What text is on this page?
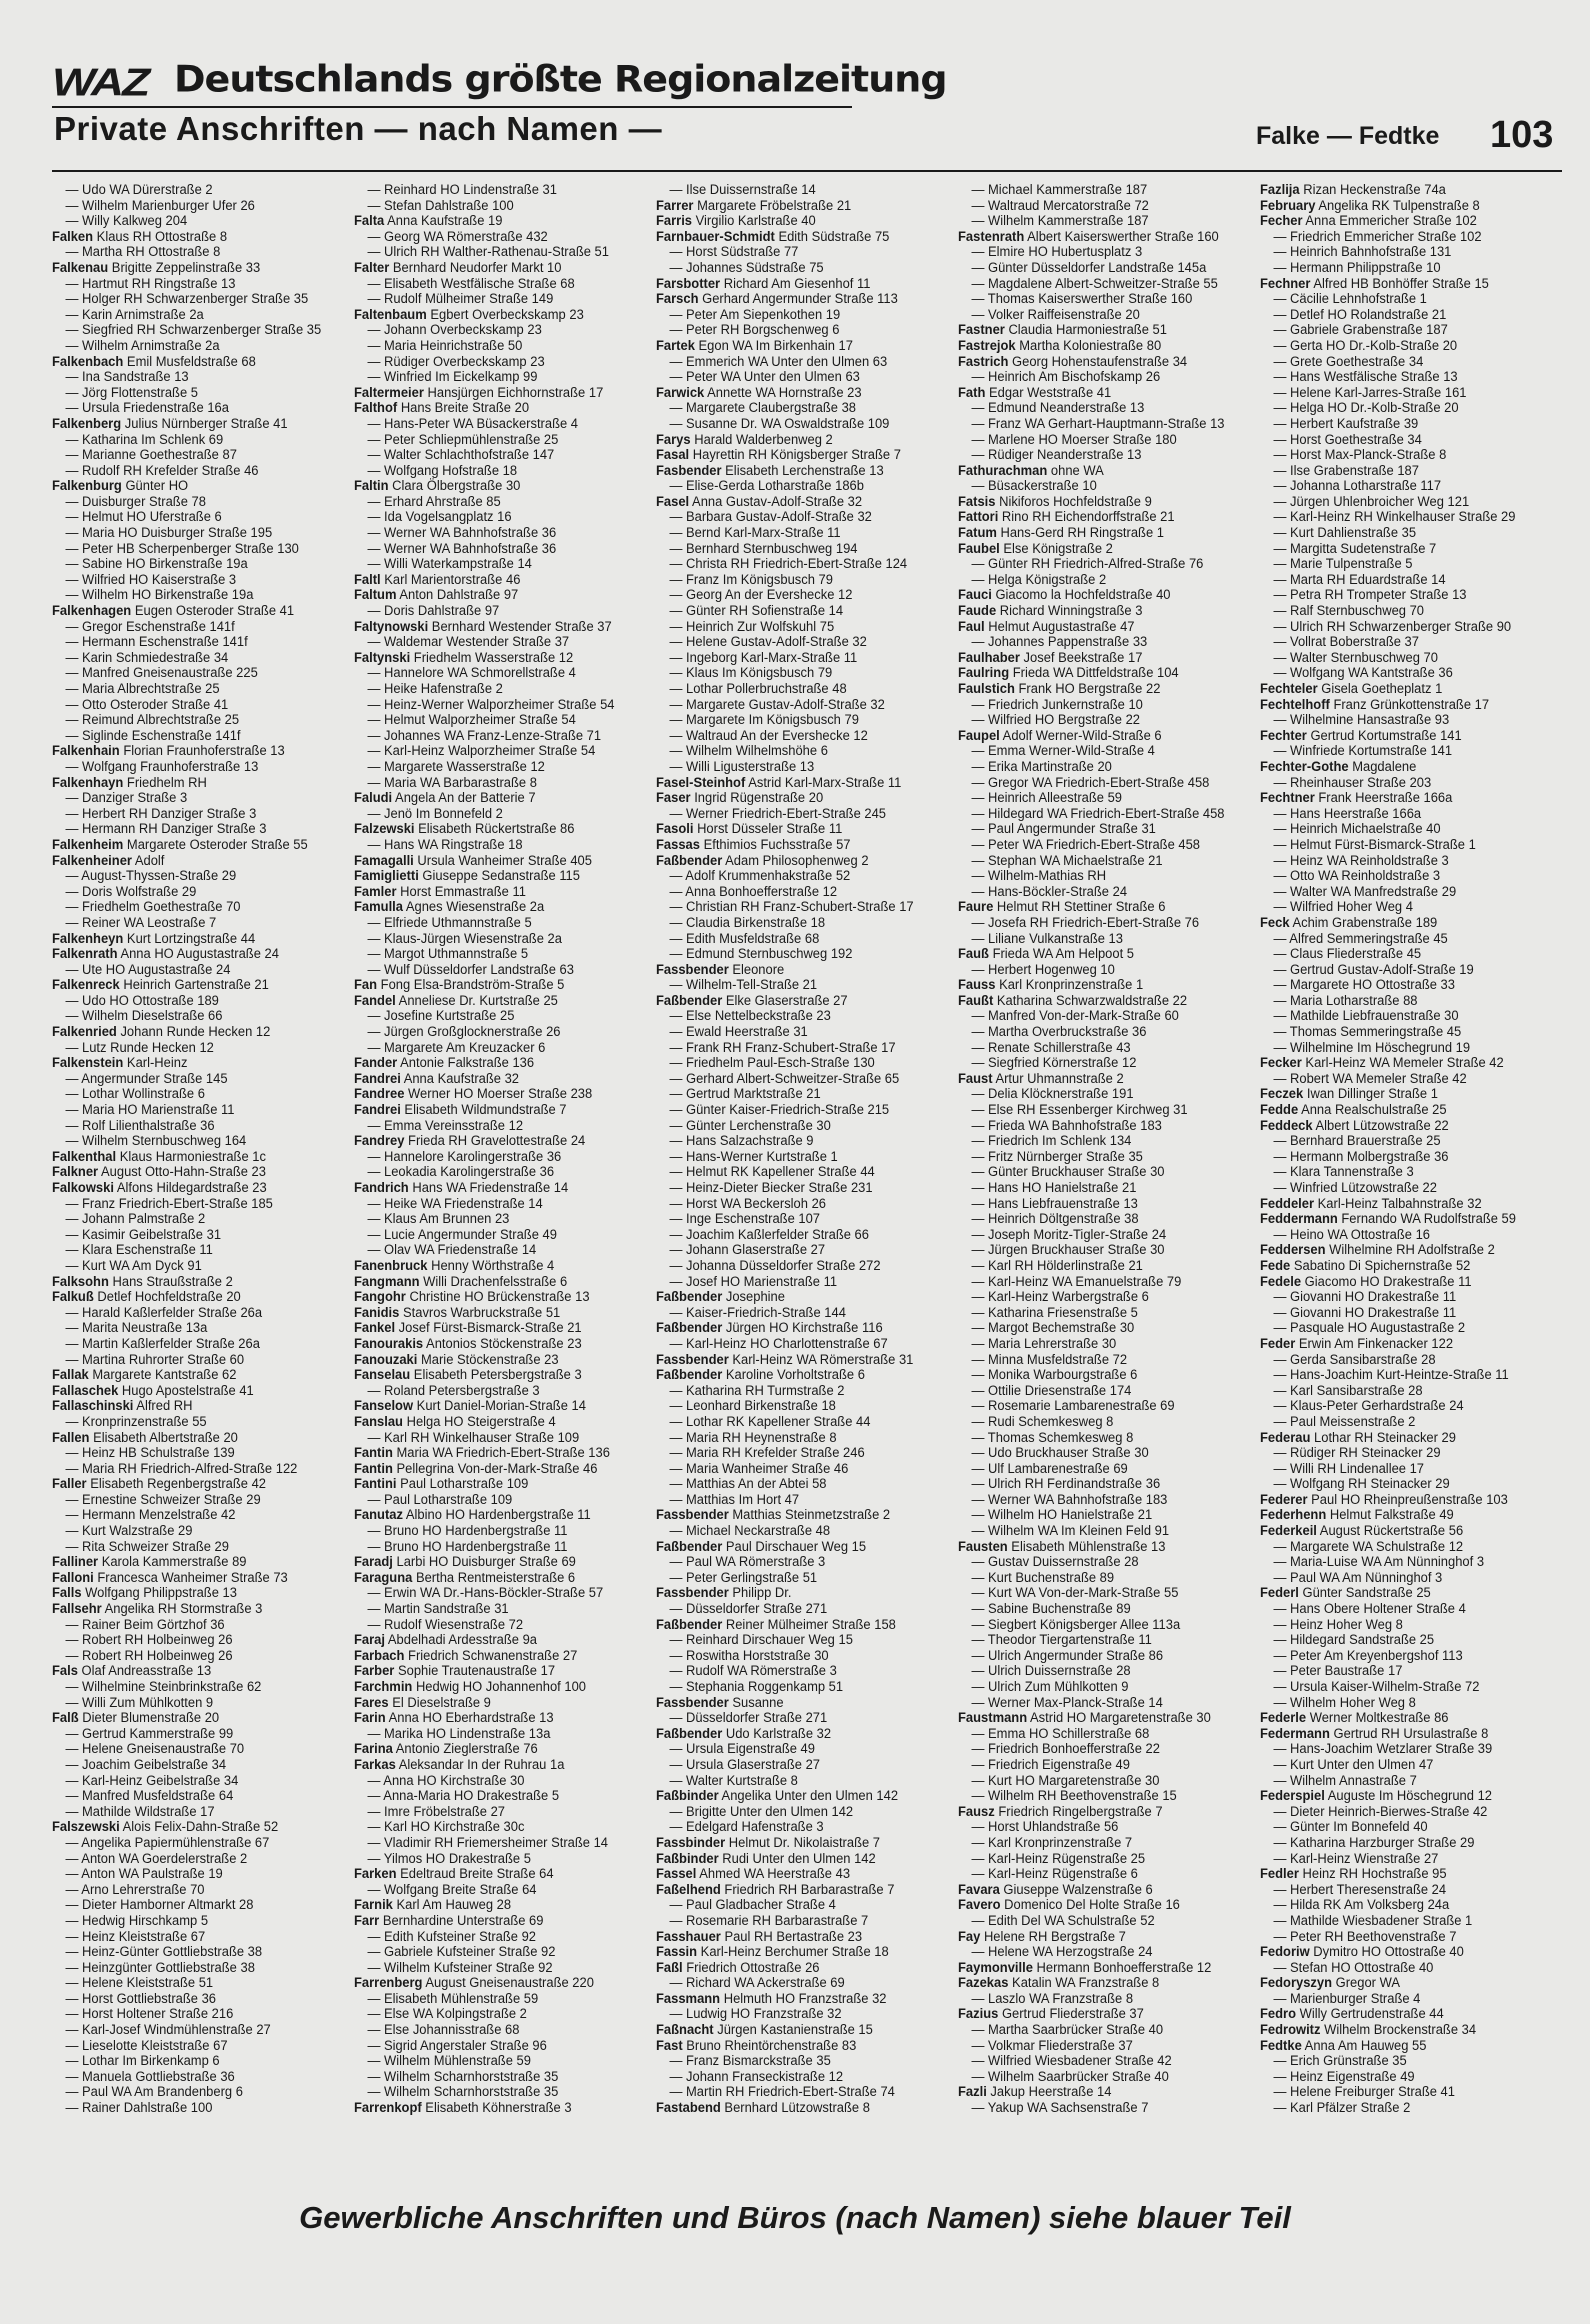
WAZ Deutschlands größte Regionalzeitung
Private Anschriften — nach Namen —	Falke — Fedtke 103
— Udo WA Dürerstraße 2
— Wilhelm Marienburger Ufer 26
— Willy Kalkweg 204
Falken Klaus RH Ottostraße 8
— Martha RH Ottostraße 8
Falkenau Brigitte Zeppelinstraße 33
— Hartmut RH Ringstraße 13
— Holger RH Schwarzenberger Straße 35
— Karin Arnimstraße 2a
— Siegfried RH Schwarzenberger Straße 35
— Wilhelm Arnimstraße 2a
Falkenbach Emil Musfeldstraße 68
— Ina Sandstraße 13
— Jörg Flottenstraße 5
— Ursula Friedenstraße 16a
Falkenberg Julius Nürnberger Straße 41
— Katharina Im Schlenk 69
— Marianne Goethestraße 87
— Rudolf RH Krefelder Straße 46
Falkenburg Günter HO
— Duisburger Straße 78
— Helmut HO Uferstraße 6
— Maria HO Duisburger Straße 195
— Peter HB Scherpenberger Straße 130
— Sabine HO Birkenstraße 19a
— Wilfried HO Kaiserstraße 3
— Wilhelm HO Birkenstraße 19a
Falkenhagen Eugen Osteroder Straße 41
— Gregor Eschenstraße 141f
— Hermann Eschenstraße 141f
— Karin Schmiedestraße 34
— Manfred Gneisenaustraße 225
— Maria Albrechtstraße 25
— Otto Osteroder Straße 41
— Reimund Albrechtstraße 25
— Siglinde Eschenstraße 141f
Falkenhain Florian Fraunhoferstraße 13
— Wolfgang Fraunhoferstraße 13
Falkenhayn Friedhelm RH
— Danziger Straße 3
— Herbert RH Danziger Straße 3
— Hermann RH Danziger Straße 3
Falkenheim Margarete Osteroder Straße 55
Falkenheiner Adolf
— August-Thyssen-Straße 29
— Doris Wolfstraße 29
— Friedhelm Goethestraße 70
— Reiner WA Leostraße 7
Falkenheyn Kurt Lortzingstraße 44
Falkenrath Anna HO Augustastraße 24
— Ute HO Augustastraße 24
Falkenreck Heinrich Gartenstraße 21
— Udo HO Ottostraße 189
— Wilhelm Dieselstraße 66
Falkenried Johann Runde Hecken 12
— Lutz Runde Hecken 12
Falkenstein Karl-Heinz
— Angermunder Straße 145
— Lothar Wollinstraße 6
— Maria HO Marienstraße 11
— Rolf Lilienthalstraße 36
— Wilhelm Sternbuschweg 164
Falkenthal Klaus Harmoniestraße 1c
Falkner August Otto-Hahn-Straße 23
Falkowski Alfons Hildegardstraße 23
— Franz Friedrich-Ebert-Straße 185
— Johann Palmstraße 2
— Kasimir Geibelstraße 31
— Klara Eschenstraße 11
— Kurt WA Am Dyck 91
Falksohn Hans Straußstraße 2
Falkuß Detlef Hochfeldstraße 20
— Harald Kaßlerfelder Straße 26a
— Marita Neustraße 13a
— Martin Kaßlerfelder Straße 26a
— Martina Ruhrorter Straße 60
Fallak Margarete Kantstraße 62
Fallaschek Hugo Apostelstraße 41
Fallaschinski Alfred RH
— Kronprinzenstraße 55
Fallen Elisabeth Albertstraße 20
— Heinz HB Schulstraße 139
— Maria RH Friedrich-Alfred-Straße 122
Faller Elisabeth Regenbergstraße 42
— Ernestine Schweizer Straße 29
— Hermann Menzelstraße 42
— Kurt Walzstraße 29
— Rita Schweizer Straße 29
Falliner Karola Kammerstraße 89
Falloni Francesca Wanheimer Straße 73
Falls Wolfgang Philippstraße 13
Fallsehr Angelika RH Stormstraße 3
— Rainer Beim Görtzhof 36
— Robert RH Holbeinweg 26
— Robert RH Holbeinweg 26
Fals Olaf Andreasstraße 13
— Wilhelmine Steinbrinkstraße 62
— Willi Zum Mühlkotten 9
Falß Dieter Blumenstraße 20
— Gertrud Kammerstraße 99
— Helene Gneisenaustraße 70
— Joachim Geibelstraße 34
— Karl-Heinz Geibelstraße 34
— Manfred Musfeldstraße 64
— Mathilde Wildstraße 17
Falszewski Alois Felix-Dahn-Straße 52
— Angelika Papiermühlenstraße 67
— Anton WA Goerdelerstraße 2
— Anton WA Paulstraße 19
— Arno Lehrerstraße 70
— Dieter Hamborner Altmarkt 28
— Hedwig Hirschkamp 5
— Heinz Kleiststraße 67
— Heinz-Günter Gottliebstraße 38
— Heinzgünter Gottliebstraße 38
— Helene Kleiststraße 51
— Horst Gottliebstraße 36
— Horst Holtener Straße 216
— Karl-Josef Windmühlenstraße 27
— Lieselotte Kleiststraße 67
— Lothar Im Birkenkamp 6
— Manuela Gottliebstraße 36
— Paul WA Am Brandenberg 6
— Rainer Dahlstraße 100
— Reinhard HO Lindenstraße 31
— Stefan Dahlstraße 100
Falta Anna Kaufstraße 19
— Georg WA Römerstraße 432
— Ulrich RH Walther-Rathenau-Straße 51
Falter Bernhard Neudorfer Markt 10
— Elisabeth Westfälische Straße 68
— Rudolf Mülheimer Straße 149
Faltenbaum Egbert Overbeckskamp 23
— Johann Overbeckskamp 23
— Maria Heinrichstraße 50
— Rüdiger Overbeckskamp 23
— Winfried Im Eickelkamp 99
Faltermeier Hansjürgen Eichhornstraße 17
Falthof Hans Breite Straße 20
— Hans-Peter WA Büsackerstraße 4
— Peter Schliepmühlenstraße 25
— Walter Schlachthofstraße 147
— Wolfgang Hofstraße 18
Faltin Clara Ölbergstraße 30
— Erhard Ahrstraße 85
— Ida Vogelsangplatz 16
— Werner WA Bahnhofstraße 36
— Werner WA Bahnhofstraße 36
— Willi Waterkampstraße 14
Faltl Karl Marientorstraße 46
Faltum Anton Dahlstraße 97
— Doris Dahlstraße 97
Faltynowski Bernhard Westender Straße 37
— Waldemar Westender Straße 37
Faltynski Friedhelm Wasserstraße 12
— Hannelore WA Schmorellstraße 4
— Heike Hafenstraße 2
— Heinz-Werner Walporzheimer Straße 54
— Helmut Walporzheimer Straße 54
— Johannes WA Franz-Lenze-Straße 71
— Karl-Heinz Walporzheimer Straße 54
— Margarete Wasserstraße 12
— Maria WA Barbarastraße 8
Faludi Angela An der Batterie 7
— Jenö Im Bonnefeld 2
Falzewski Elisabeth Rückertstraße 86
— Hans WA Ringstraße 18
Famagalli Ursula Wanheimer Straße 405
Famiglietti Giuseppe Sedanstraße 115
Famler Horst Emmastraße 11
Famulla Agnes Wiesenstraße 2a
— Elfriede Uthmannstraße 5
— Klaus-Jürgen Wiesenstraße 2a
— Margot Uthmannstraße 5
— Wulf Düsseldorfer Landstraße 63
Fan Fong Elsa-Brandström-Straße 5
Fandel Anneliese Dr. Kurtstraße 25
— Josefine Kurtstraße 25
— Jürgen Großglocknerstraße 26
— Margarete Am Kreuzacker 6
Fander Antonie Falkstraße 136
Fandrei Anna Kaufstraße 32
Fandree Werner HO Moerser Straße 238
Fandrei Elisabeth Wildmundstraße 7
— Emma Vereinsstraße 12
Fandrey Frieda RH Gravelottestraße 24
— Hannelore Karolingerstraße 36
— Leokadia Karolingerstraße 36
Fandrich Hans WA Friedenstraße 14
— Heike WA Friedenstraße 14
— Klaus Am Brunnen 23
— Lucie Angermunder Straße 49
— Olav WA Friedenstraße 14
Fanenbruck Henny Wörthstraße 4
Fangmann Willi Drachenfelsstraße 6
Fangohr Christine HO Brückenstraße 13
Fanidis Stavros Warbruckstraße 51
Fankel Josef Fürst-Bismarck-Straße 21
Fanourakis Antonios Stöckenstraße 23
Fanouzaki Marie Stöckenstraße 23
Fanselau Elisabeth Petersbergstraße 3
— Roland Petersbergstraße 3
Fanselow Kurt Daniel-Morian-Straße 14
Fanslau Helga HO Steigerstraße 4
— Karl RH Winkelhauser Straße 109
Fantin Maria WA Friedrich-Ebert-Straße 136
Fantin Pellegrina Von-der-Mark-Straße 46
Fantini Paul Lotharstraße 109
— Paul Lotharstraße 109
Fanutaz Albino HO Hardenbergstraße 11
— Bruno HO Hardenbergstraße 11
— Bruno HO Hardenbergstraße 11
Faradj Larbi HO Duisburger Straße 69
Faraguna Bertha Rentmeisterstraße 6
— Erwin WA Dr.-Hans-Böckler-Straße 57
— Martin Sandstraße 31
— Rudolf Wiesenstraße 72
Faraj Abdelhadi Ardesstraße 9a
Farbach Friedrich Schwanenstraße 27
Farber Sophie Trautenaustraße 17
Farchmin Hedwig HO Johannenhof 100
Fares El Dieselstraße 9
Farin Anna HO Eberhardstraße 13
— Marika HO Lindenstraße 13a
Farina Antonio Zieglerstraße 76
Farkas Aleksandar In der Ruhrau 1a
— Anna HO Kirchstraße 30
— Anna-Maria HO Drakestraße 5
— Imre Fröbelstraße 27
— Karl HO Kirchstraße 30c
— Vladimir RH Friemersheimer Straße 14
— Yilmos HO Drakestraße 5
Farken Edeltraud Breite Straße 64
— Wolfgang Breite Straße 64
Farnik Karl Am Hauweg 28
Farr Bernhardine Unterstraße 69
— Edith Kufsteiner Straße 92
— Gabriele Kufsteiner Straße 92
— Wilhelm Kufsteiner Straße 92
Farrenberg August Gneisenaustraße 220
— Elisabeth Mühlenstraße 59
— Else WA Kolpingstraße 2
— Else Johannisstraße 68
— Sigrid Angerstaler Straße 96
— Wilhelm Mühlenstraße 59
— Wilhelm Scharnhorststraße 35
— Wilhelm Scharnhorststraße 35
Farrenkopf Elisabeth Köhnerstraße 3
— Ilse Duissernstraße 14
Farrer Margarete Fröbelstraße 21
Farris Virgilio Karlstraße 40
Farnbauer-Schmidt Edith Südstraße 75
— Horst Südstraße 77
— Johannes Südstraße 75
Farsbotter Richard Am Giesenhof 11
Farsch Gerhard Angermunder Straße 113
— Peter Am Siepenkothen 19
— Peter RH Borgschenweg 6
Fartek Egon WA Im Birkenhain 17
— Emmerich WA Unter den Ulmen 63
— Peter WA Unter den Ulmen 63
Farwick Annette WA Hornstraße 23
— Margarete Claubergstraße 38
— Susanne Dr. WA Oswaldstraße 109
Farys Harald Walderbenweg 2
Fasal Hayrettin RH Königsberger Straße 7
Fasbender Elisabeth Lerchenstraße 13
— Elise-Gerda Lotharstraße 186b
Fasel Anna Gustav-Adolf-Straße 32
— Barbara Gustav-Adolf-Straße 32
— Bernd Karl-Marx-Straße 11
— Bernhard Sternbuschweg 194
— Christa RH Friedrich-Ebert-Straße 124
— Franz Im Königsbusch 79
— Georg An der Evershecke 12
— Günter RH Sofienstraße 14
— Heinrich Zur Wolfskuhl 75
— Helene Gustav-Adolf-Straße 32
— Ingeborg Karl-Marx-Straße 11
— Klaus Im Königsbusch 79
— Lothar Pollerbruchstraße 48
— Margarete Gustav-Adolf-Straße 32
— Margarete Im Königsbusch 79
— Waltraud An der Evershecke 12
— Wilhelm Wilhelmshöhe 6
— Willi Ligusterstraße 13
Fasel-Steinhof Astrid Karl-Marx-Straße 11
Faser Ingrid Rügenstraße 20
— Werner Friedrich-Ebert-Straße 245
Fasoli Horst Düsseler Straße 11
Fassas Efthimios Fuchsstraße 57
Faßbender Adam Philosophenweg 2
— Adolf Krummenhakstraße 52
— Anna Bonhoefferstraße 12
— Christian RH Franz-Schubert-Straße 17
— Claudia Birkenstraße 18
— Edith Musfeldstraße 68
— Edmund Sternbuschweg 192
Fassbender Eleonore
— Wilhelm-Tell-Straße 21
Faßbender Elke Glaserstraße 27
— Else Nettelbeckstraße 23
— Ewald Heerstraße 31
— Frank RH Franz-Schubert-Straße 17
— Friedhelm Paul-Esch-Straße 130
— Gerhard Albert-Schweitzer-Straße 65
— Gertrud Marktstraße 21
— Günter Kaiser-Friedrich-Straße 215
— Günter Lerchenstraße 30
— Hans Salzachstraße 9
— Hans-Werner Kurtstraße 1
— Helmut RK Kapellener Straße 44
— Heinz-Dieter Biecker Straße 231
— Horst WA Beckersloh 26
— Inge Eschenstraße 107
— Joachim Kaßlerfelder Straße 66
— Johann Glaserstraße 27
— Johanna Düsseldorfer Straße 272
— Josef HO Marienstraße 11
Faßbender Josephine
— Kaiser-Friedrich-Straße 144
Faßbender Jürgen HO Kirchstraße 116
— Karl-Heinz HO Charlottenstraße 67
Fassbender Karl-Heinz WA Römerstraße 31
Faßbender Karoline Vorholtstraße 6
— Katharina RH Turmstraße 2
— Leonhard Birkenstraße 18
— Lothar RK Kapellener Straße 44
— Maria RH Heynenstraße 8
— Maria RH Krefelder Straße 246
— Maria Wanheimer Straße 46
— Matthias An der Abtei 58
— Matthias Im Hort 47
Fassbender Matthias Steinmetzstraße 2
— Michael Neckarstraße 48
Faßbender Paul Dirschauer Weg 15
— Paul WA Römerstraße 3
— Peter Gerlingstraße 51
Fassbender Philipp Dr.
— Düsseldorfer Straße 271
Faßbender Reiner Mülheimer Straße 158
— Reinhard Dirschauer Weg 15
— Roswitha Horststraße 30
— Rudolf WA Römerstraße 3
— Stephania Roggenkamp 51
Fassbender Susanne
— Düsseldorfer Straße 271
Faßbender Udo Karlstraße 32
— Ursula Eigenstraße 49
— Ursula Glaserstraße 27
— Walter Kurtstraße 8
Faßbinder Angelika Unter den Ulmen 142
— Brigitte Unter den Ulmen 142
— Edelgard Hafenstraße 3
Fassbinder Helmut Dr. Nikolaistraße 7
Faßbinder Rudi Unter den Ulmen 142
Fassel Ahmed WA Heerstraße 43
Faßelhend Friedrich RH Barbarastraße 7
— Paul Gladbacher Straße 4
— Rosemarie RH Barbarastraße 7
Fasshauer Paul RH Bertastraße 23
Fassin Karl-Heinz Berchumer Straße 18
Faßl Friedrich Ottostraße 26
— Richard WA Ackerstraße 69
Fassmann Helmuth HO Franzstraße 32
— Ludwig HO Franzstraße 32
Faßnacht Jürgen Kastanienstraße 15
Fast Bruno Rheintörchenstraße 83
— Franz Bismarckstraße 35
— Johann Franseckistraße 12
— Martin RH Friedrich-Ebert-Straße 74
Fastabend Bernhard Lützowstraße 8
— Michael Kammerstraße 187
— Waltraud Mercatorstraße 72
— Wilhelm Kammerstraße 187
Fastenrath Albert Kaiserswerther Straße 160
— Elmire HO Hubertusplatz 3
— Günter Düsseldorfer Landstraße 145a
— Magdalene Albert-Schweitzer-Straße 55
— Thomas Kaiserswerther Straße 160
— Volker Raiffeisenstraße 20
Fastner Claudia Harmoniestraße 51
Fastrejok Martha Koloniestraße 80
Fastrich Georg Hohenstaufenstraße 34
— Heinrich Am Bischofskamp 26
Fath Edgar Weststraße 41
— Edmund Neanderstraße 13
— Franz WA Gerhart-Hauptmann-Straße 13
— Marlene HO Moerser Straße 180
— Rüdiger Neanderstraße 13
Fathurachman ohne WA
— Büsackerstraße 10
Fatsis Nikiforos Hochfeldstraße 9
Fattori Rino RH Eichendorffstraße 21
Fatum Hans-Gerd RH Ringstraße 1
Faubel Else Königstraße 2
— Günter RH Friedrich-Alfred-Straße 76
— Helga Königstraße 2
Fauci Giacomo la Hochfeldstraße 40
Faude Richard Winningstraße 3
Faul Helmut Augustastraße 47
— Johannes Pappenstraße 33
Faulhaber Josef Beekstraße 17
Faulring Frieda WA Dittfeldstraße 104
Faulstich Frank HO Bergstraße 22
— Friedrich Junkernstraße 10
— Wilfried HO Bergstraße 22
Faupel Adolf Werner-Wild-Straße 6
— Emma Werner-Wild-Straße 4
— Erika Martinstraße 20
— Gregor WA Friedrich-Ebert-Straße 458
— Heinrich Alleestraße 59
— Hildegard WA Friedrich-Ebert-Straße 458
— Paul Angermunder Straße 31
— Peter WA Friedrich-Ebert-Straße 458
— Stephan WA Michaelstraße 21
— Wilhelm-Mathias RH
— Hans-Böckler-Straße 24
Faure Helmut RH Stettiner Straße 6
— Josefa RH Friedrich-Ebert-Straße 76
— Liliane Vulkanstraße 13
Fauß Frieda WA Am Helpoot 5
— Herbert Hogenweg 10
Fauss Karl Kronprinzenstraße 1
Faußt Katharina Schwarzwaldstraße 22
— Manfred Von-der-Mark-Straße 60
— Martha Overbruckstraße 36
— Renate Schillerstraße 43
— Siegfried Körnerstraße 12
Faust Artur Uhmannstraße 2
— Delia Klöcknerstraße 191
— Else RH Essenberger Kirchweg 31
— Frieda WA Bahnhofstraße 183
— Friedrich Im Schlenk 134
— Fritz Nürnberger Straße 35
— Günter Bruckhauser Straße 30
— Hans HO Hanielstraße 21
— Hans Liebfrauenstraße 13
— Heinrich Döltgenstraße 38
— Joseph Moritz-Tigler-Straße 24
— Jürgen Bruckhauser Straße 30
— Karl RH Hölderlinstraße 21
— Karl-Heinz WA Emanuelstraße 79
— Karl-Heinz Warbergstraße 6
— Katharina Friesenstraße 5
— Margot Bechemstraße 30
— Maria Lehrerstraße 30
— Minna Musfeldstraße 72
— Monika Warbourgstraße 6
— Ottilie Driesenstraße 174
— Rosemarie Lambarenestraße 69
— Rudi Schemkesweg 8
— Thomas Schemkesweg 8
— Udo Bruckhauser Straße 30
— Ulf Lambarenestraße 69
— Ulrich RH Ferdinandstraße 36
— Werner WA Bahnhofstraße 183
— Wilhelm HO Hanielstraße 21
— Wilhelm WA Im Kleinen Feld 91
Fausten Elisabeth Mühlenstraße 13
— Gustav Duissernstraße 28
— Kurt Buchenstraße 89
— Kurt WA Von-der-Mark-Straße 55
— Sabine Buchenstraße 89
— Siegbert Königsberger Allee 113a
— Theodor Tiergartenstraße 11
— Ulrich Angermunder Straße 86
— Ulrich Duissernstraße 28
— Ulrich Zum Mühlkotten 9
— Werner Max-Planck-Straße 14
Faustmann Astrid HO Margaretenstraße 30
— Emma HO Schillerstraße 68
— Friedrich Bonhoefferstraße 22
— Friedrich Eigenstraße 49
— Kurt HO Margaretenstraße 30
— Wilhelm RH Beethovenstraße 15
Fausz Friedrich Ringelbergstraße 7
— Horst Uhlandstraße 56
— Karl Kronprinzenstraße 7
— Karl-Heinz Rügenstraße 25
— Karl-Heinz Rügenstraße 6
Favara Giuseppe Walzenstraße 6
Favero Domenico Del Holte Straße 16
— Edith Del WA Schulstraße 52
Fay Helene RH Bergstraße 7
— Helene WA Herzogstraße 24
Faymonville Hermann Bonhoefferstraße 12
Fazekas Katalin WA Franzstraße 8
— Laszlo WA Franzstraße 8
Fazius Gertrud Fliederstraße 37
— Martha Saarbrücker Straße 40
— Volkmar Fliederstraße 37
— Wilfried Wiesbadener Straße 42
— Wilhelm Saarbrücker Straße 40
Fazli Jakup Heerstraße 14
— Yakup WA Sachsenstraße 7
Fazlija Rizan Heckenstraße 74a
February Angelika RK Tulpenstraße 8
Fecher Anna Emmericher Straße 102
— Friedrich Emmericher Straße 102
— Heinrich Bahnhofstraße 131
— Hermann Philippstraße 10
Fechner Alfred HB Bonhöffer Straße 15
— Cäcilie Lehnhofstraße 1
— Detlef HO Rolandstraße 21
— Gabriele Grabenstraße 187
— Gerta HO Dr.-Kolb-Straße 20
— Grete Goethestraße 34
— Hans Westfälische Straße 13
— Helene Karl-Jarres-Straße 161
— Helga HO Dr.-Kolb-Straße 20
— Herbert Kaufstraße 39
— Horst Goethestraße 34
— Horst Max-Planck-Straße 8
— Ilse Grabenstraße 187
— Johanna Lotharstraße 117
— Jürgen Uhlenbroicher Weg 121
— Karl-Heinz RH Winkelhauser Straße 29
— Kurt Dahlienstraße 35
— Margitta Sudetenstraße 7
— Marie Tulpenstraße 5
— Marta RH Eduardstraße 14
— Petra RH Trompeter Straße 13
— Ralf Sternbuschweg 70
— Ulrich RH Schwarzenberger Straße 90
— Vollrat Boberstraße 37
— Walter Sternbuschweg 70
— Wolfgang WA Kantstraße 36
Fechteler Gisela Goetheplatz 1
Fechtelhoff Franz Grünkottenstraße 17
— Wilhelmine Hansastraße 93
Fechter Gertrud Kortumstraße 141
— Winfriede Kortumstraße 141
Fechter-Gothe Magdalene
— Rheinhauser Straße 203
Fechtner Frank Heerstraße 166a
— Hans Heerstraße 166a
— Heinrich Michaelstraße 40
— Helmut Fürst-Bismarck-Straße 1
— Heinz WA Reinholdstraße 3
— Otto WA Reinholdstraße 3
— Walter WA Manfredstraße 29
— Wilfried Hoher Weg 4
Feck Achim Grabenstraße 189
— Alfred Semmeringstraße 45
— Claus Fliederstraße 45
— Gertrud Gustav-Adolf-Straße 19
— Margarete HO Ottostraße 33
— Maria Lotharstraße 88
— Mathilde Liebfrauenstraße 30
— Thomas Semmeringstraße 45
— Wilhelmine Im Höschegrund 19
Fecker Karl-Heinz WA Memeler Straße 42
— Robert WA Memeler Straße 42
Feczek Iwan Dillinger Straße 1
Fedde Anna Realschulstraße 25
Feddeck Albert Lützowstraße 22
— Bernhard Brauerstraße 25
— Hermann Molbergstraße 36
— Klara Tannenstraße 3
— Winfried Lützowstraße 22
Feddeler Karl-Heinz Talbahnstraße 32
Feddermann Fernando WA Rudolfstraße 59
— Heino WA Ottostraße 16
Feddersen Wilhelmine RH Adolfstraße 2
Fede Sabatino Di Spichernstraße 52
Fedele Giacomo HO Drakestraße 11
— Giovanni HO Drakestraße 11
— Giovanni HO Drakestraße 11
— Pasquale HO Augustastraße 2
Feder Erwin Am Finkenacker 122
— Gerda Sansibarstraße 28
— Hans-Joachim Kurt-Heintze-Straße 11
— Karl Sansibarstraße 28
— Klaus-Peter Gerhardstraße 24
— Paul Meissenstraße 2
Federau Lothar RH Steinacker 29
— Rüdiger RH Steinacker 29
— Willi RH Lindenallee 17
— Wolfgang RH Steinacker 29
Federer Paul HO Rheinpreußenstraße 103
Federhenn Helmut Falkstraße 49
Federkeil August Rückertstraße 56
— Margarete WA Schulstraße 12
— Maria-Luise WA Am Nünninghof 3
— Paul WA Am Nünninghof 3
Federl Günter Sandstraße 25
— Hans Obere Holtener Straße 4
— Heinz Hoher Weg 8
— Hildegard Sandstraße 25
— Peter Am Kreyenbergshof 113
— Peter Baustraße 17
— Ursula Kaiser-Wilhelm-Straße 72
— Wilhelm Hoher Weg 8
Federle Werner Moltkestraße 86
Federmann Gertrud RH Ursulastraße 8
— Hans-Joachim Wetzlarer Straße 39
— Kurt Unter den Ulmen 47
— Wilhelm Annastraße 7
Federspiel Auguste Im Höschegrund 12
— Dieter Heinrich-Bierwes-Straße 42
— Günter Im Bonnefeld 40
— Katharina Harzburger Straße 29
— Karl-Heinz Wienstraße 27
Fedler Heinz RH Hochstraße 95
— Herbert Theresenstraße 24
— Hilda RK Am Volksberg 24a
— Mathilde Wiesbadener Straße 1
— Peter RH Beethovenstraße 7
Fedoriw Dymitro HO Ottostraße 40
— Stefan HO Ottostraße 40
Fedoryszyn Gregor WA
— Marienburger Straße 4
Fedro Willy Gertrudenstraße 44
Fedrowitz Wilhelm Brockenstraße 34
Fedtke Anna Am Hauweg 55
— Erich Grünstraße 35
— Heinz Eigenstraße 49
— Helene Freiburger Straße 41
— Karl Pfälzer Straße 2
Gewerbliche Anschriften und Büros (nach Namen) siehe blauer Teil
